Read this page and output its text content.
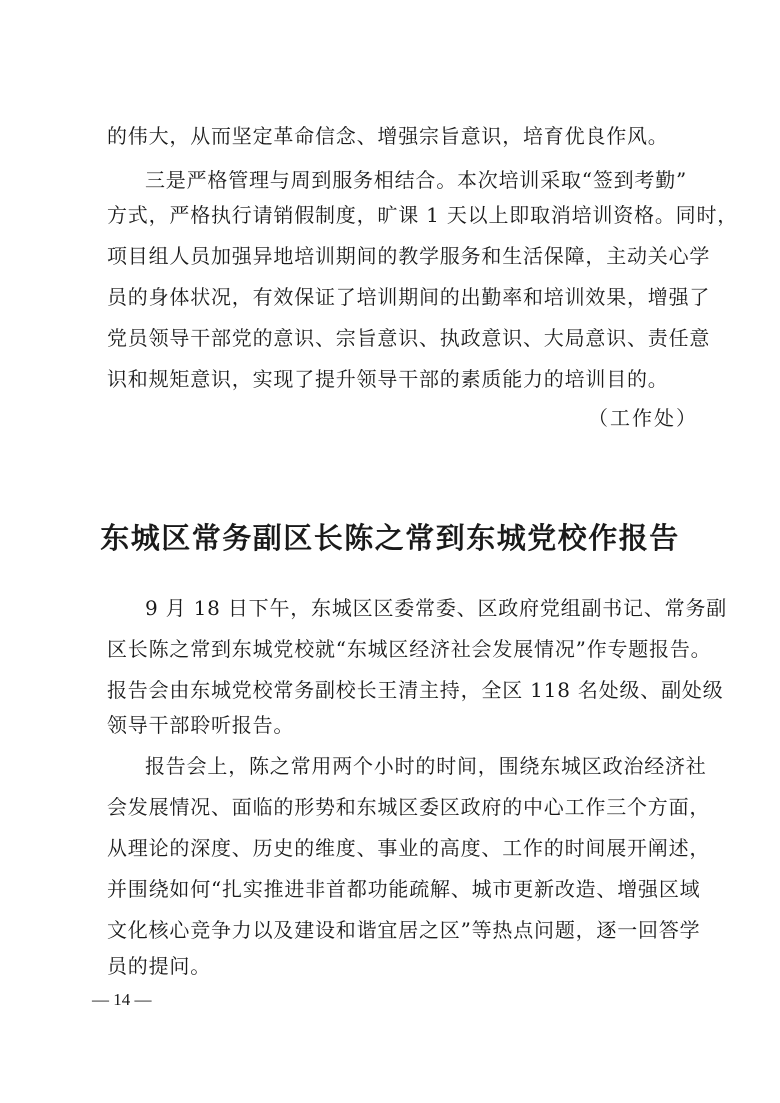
的伟大，从而坚定革命信念、增强宗旨意识，培育优良作风。
三是严格管理与周到服务相结合。本次培训采取“签到考勤”
方式，严格执行请销假制度，旷课 1 天以上即取消培训资格。同时，
项目组人员加强异地培训期间的教学服务和生活保障，主动关心学
员的身体状况，有效保证了培训期间的出勤率和培训效果，增强了
党员领导干部党的意识、宗旨意识、执政意识、大局意识、责任意
识和规矩意识，实现了提升领导干部的素质能力的培训目的。
（工作处）
东城区常务副区长陈之常到东城党校作报告
9 月 18 日下午，东城区区委常委、区政府党组副书记、常务副
区长陈之常到东城党校就“东城区经济社会发展情况”作专题报告。
报告会由东城党校常务副校长王清主持，全区 118 名处级、副处级
领导干部聆听报告。
报告会上，陈之常用两个小时的时间，围绕东城区政治经济社
会发展情况、面临的形势和东城区委区政府的中心工作三个方面，
从理论的深度、历史的维度、事业的高度、工作的时间展开阐述，
并围绕如何“扎实推进非首都功能疏解、城市更新改造、增强区域
文化核心竞争力以及建设和谐宜居之区”等热点问题，逐一回答学
员的提问。
— 14 —
